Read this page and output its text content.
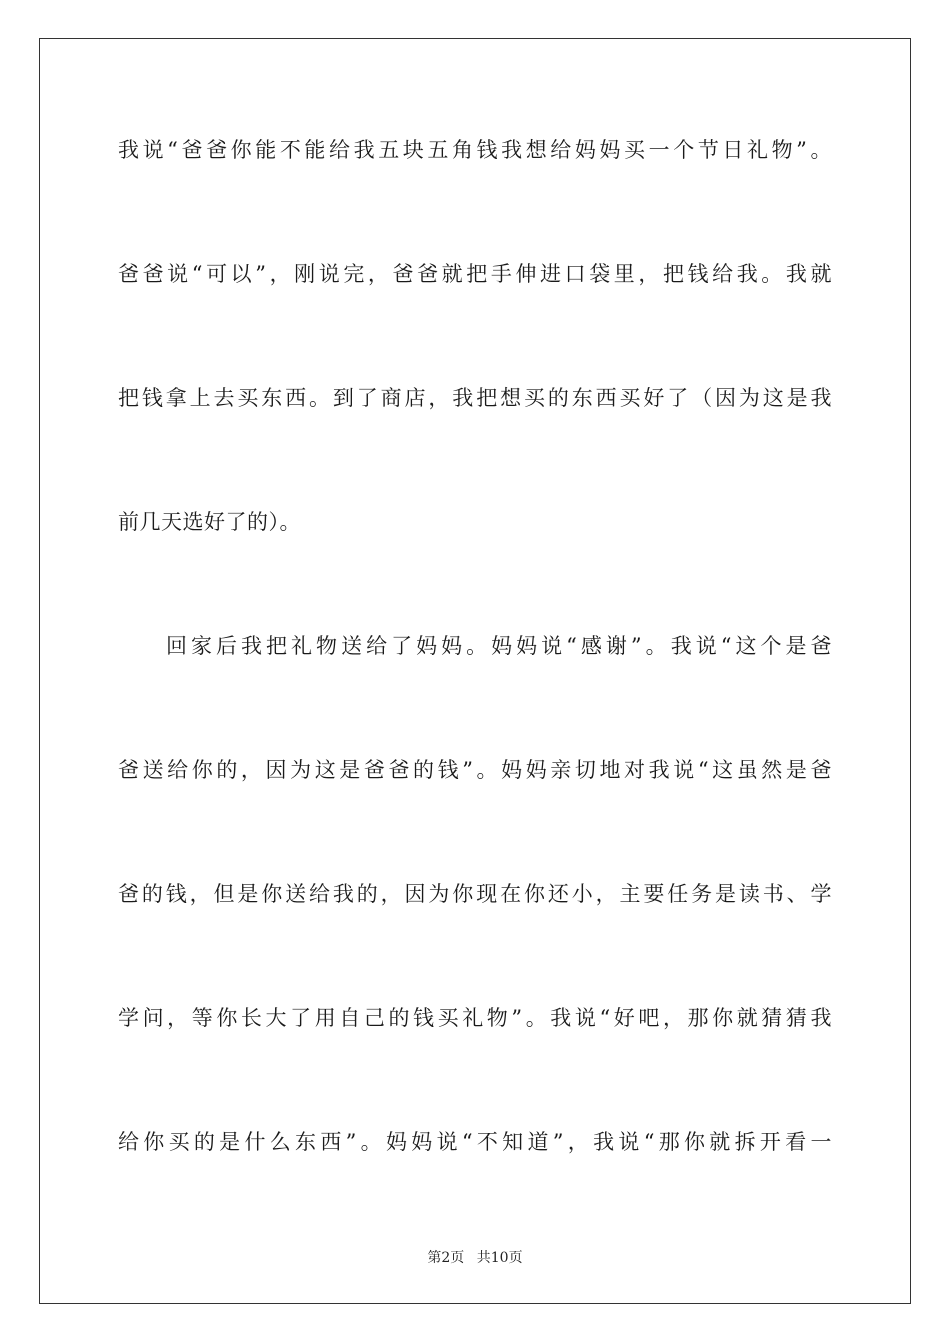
我说“爸爸你能不能给我五块五角钱我想给妈妈买一个节日礼物”。
爸爸说“可以”，刚说完，爸爸就把手伸进口袋里，把钱给我。我就
把钱拿上去买东西。到了商店，我把想买的东西买好了（因为这是我
前几天选好了的）。
回家后我把礼物送给了妈妈。妈妈说“感谢”。我说“这个是爸
爸送给你的，因为这是爸爸的钱”。妈妈亲切地对我说“这虽然是爸
爸的钱，但是你送给我的，因为你现在你还小，主要任务是读书、学
学问，等你长大了用自己的钱买礼物”。我说“好吧，那你就猜猜我
给你买的是什么东西”。妈妈说“不知道”，我说“那你就拆开看一
第2页 共10页
